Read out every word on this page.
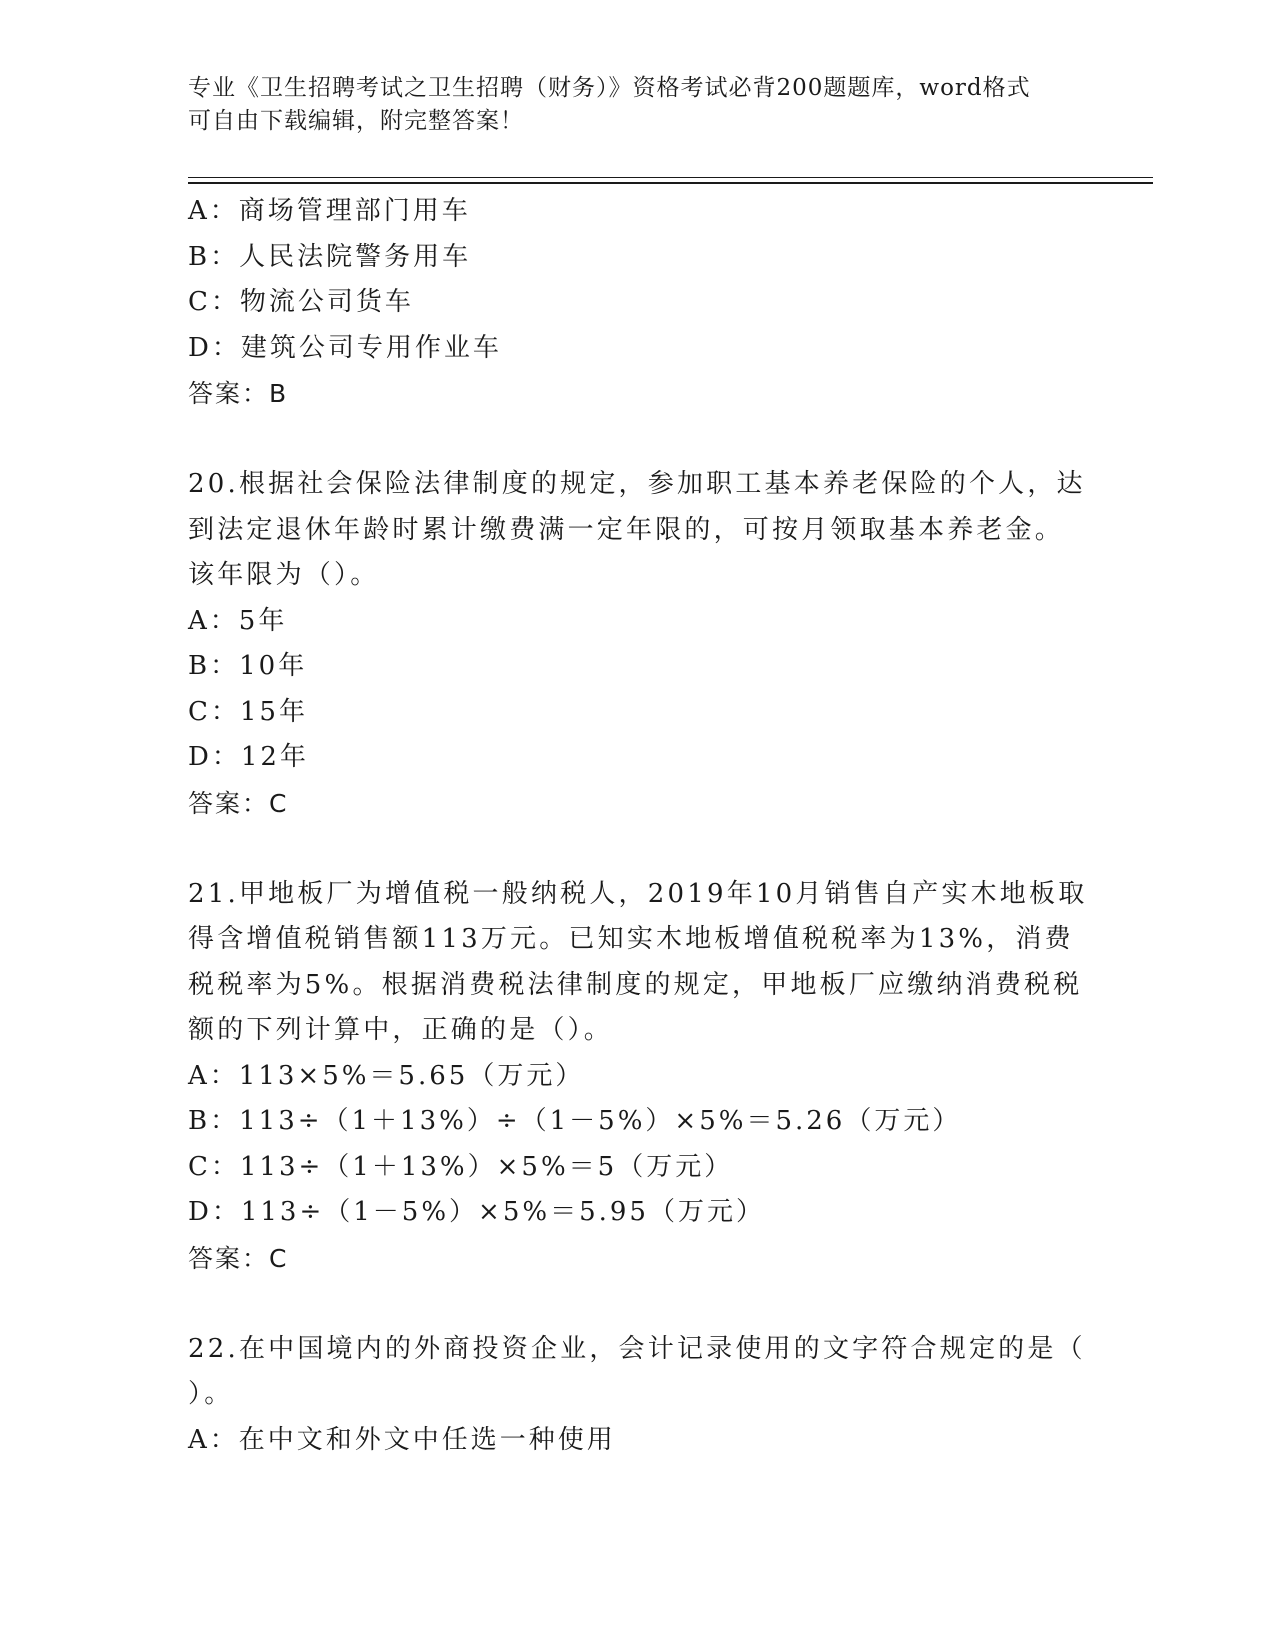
专业《卫生招聘考试之卫生招聘（财务）》资格考试必背200题题库，word格式
可自由下载编辑，附完整答案！
A：商场管理部门用车
B：人民法院警务用车
C：物流公司货车
D：建筑公司专用作业车
答案：B
20.根据社会保险法律制度的规定，参加职工基本养老保险的个人，达
到法定退休年龄时累计缴费满一定年限的，可按月领取基本养老金。
该年限为（）。
A：5年
B：10年
C：15年
D：12年
答案：C
21.甲地板厂为增值税一般纳税人，2019年10月销售自产实木地板取
得含增值税销售额113万元。已知实木地板增值税税率为13%，消费
税税率为5%。根据消费税法律制度的规定，甲地板厂应缴纳消费税税
额的下列计算中，正确的是（）。
A：113×5%＝5.65（万元）
B：113÷（1＋13%）÷（1－5%）×5%＝5.26（万元）
C：113÷（1＋13%）×5%＝5（万元）
D：113÷（1－5%）×5%＝5.95（万元）
答案：C
22.在中国境内的外商投资企业，会计记录使用的文字符合规定的是（
）。
A：在中文和外文中任选一种使用
